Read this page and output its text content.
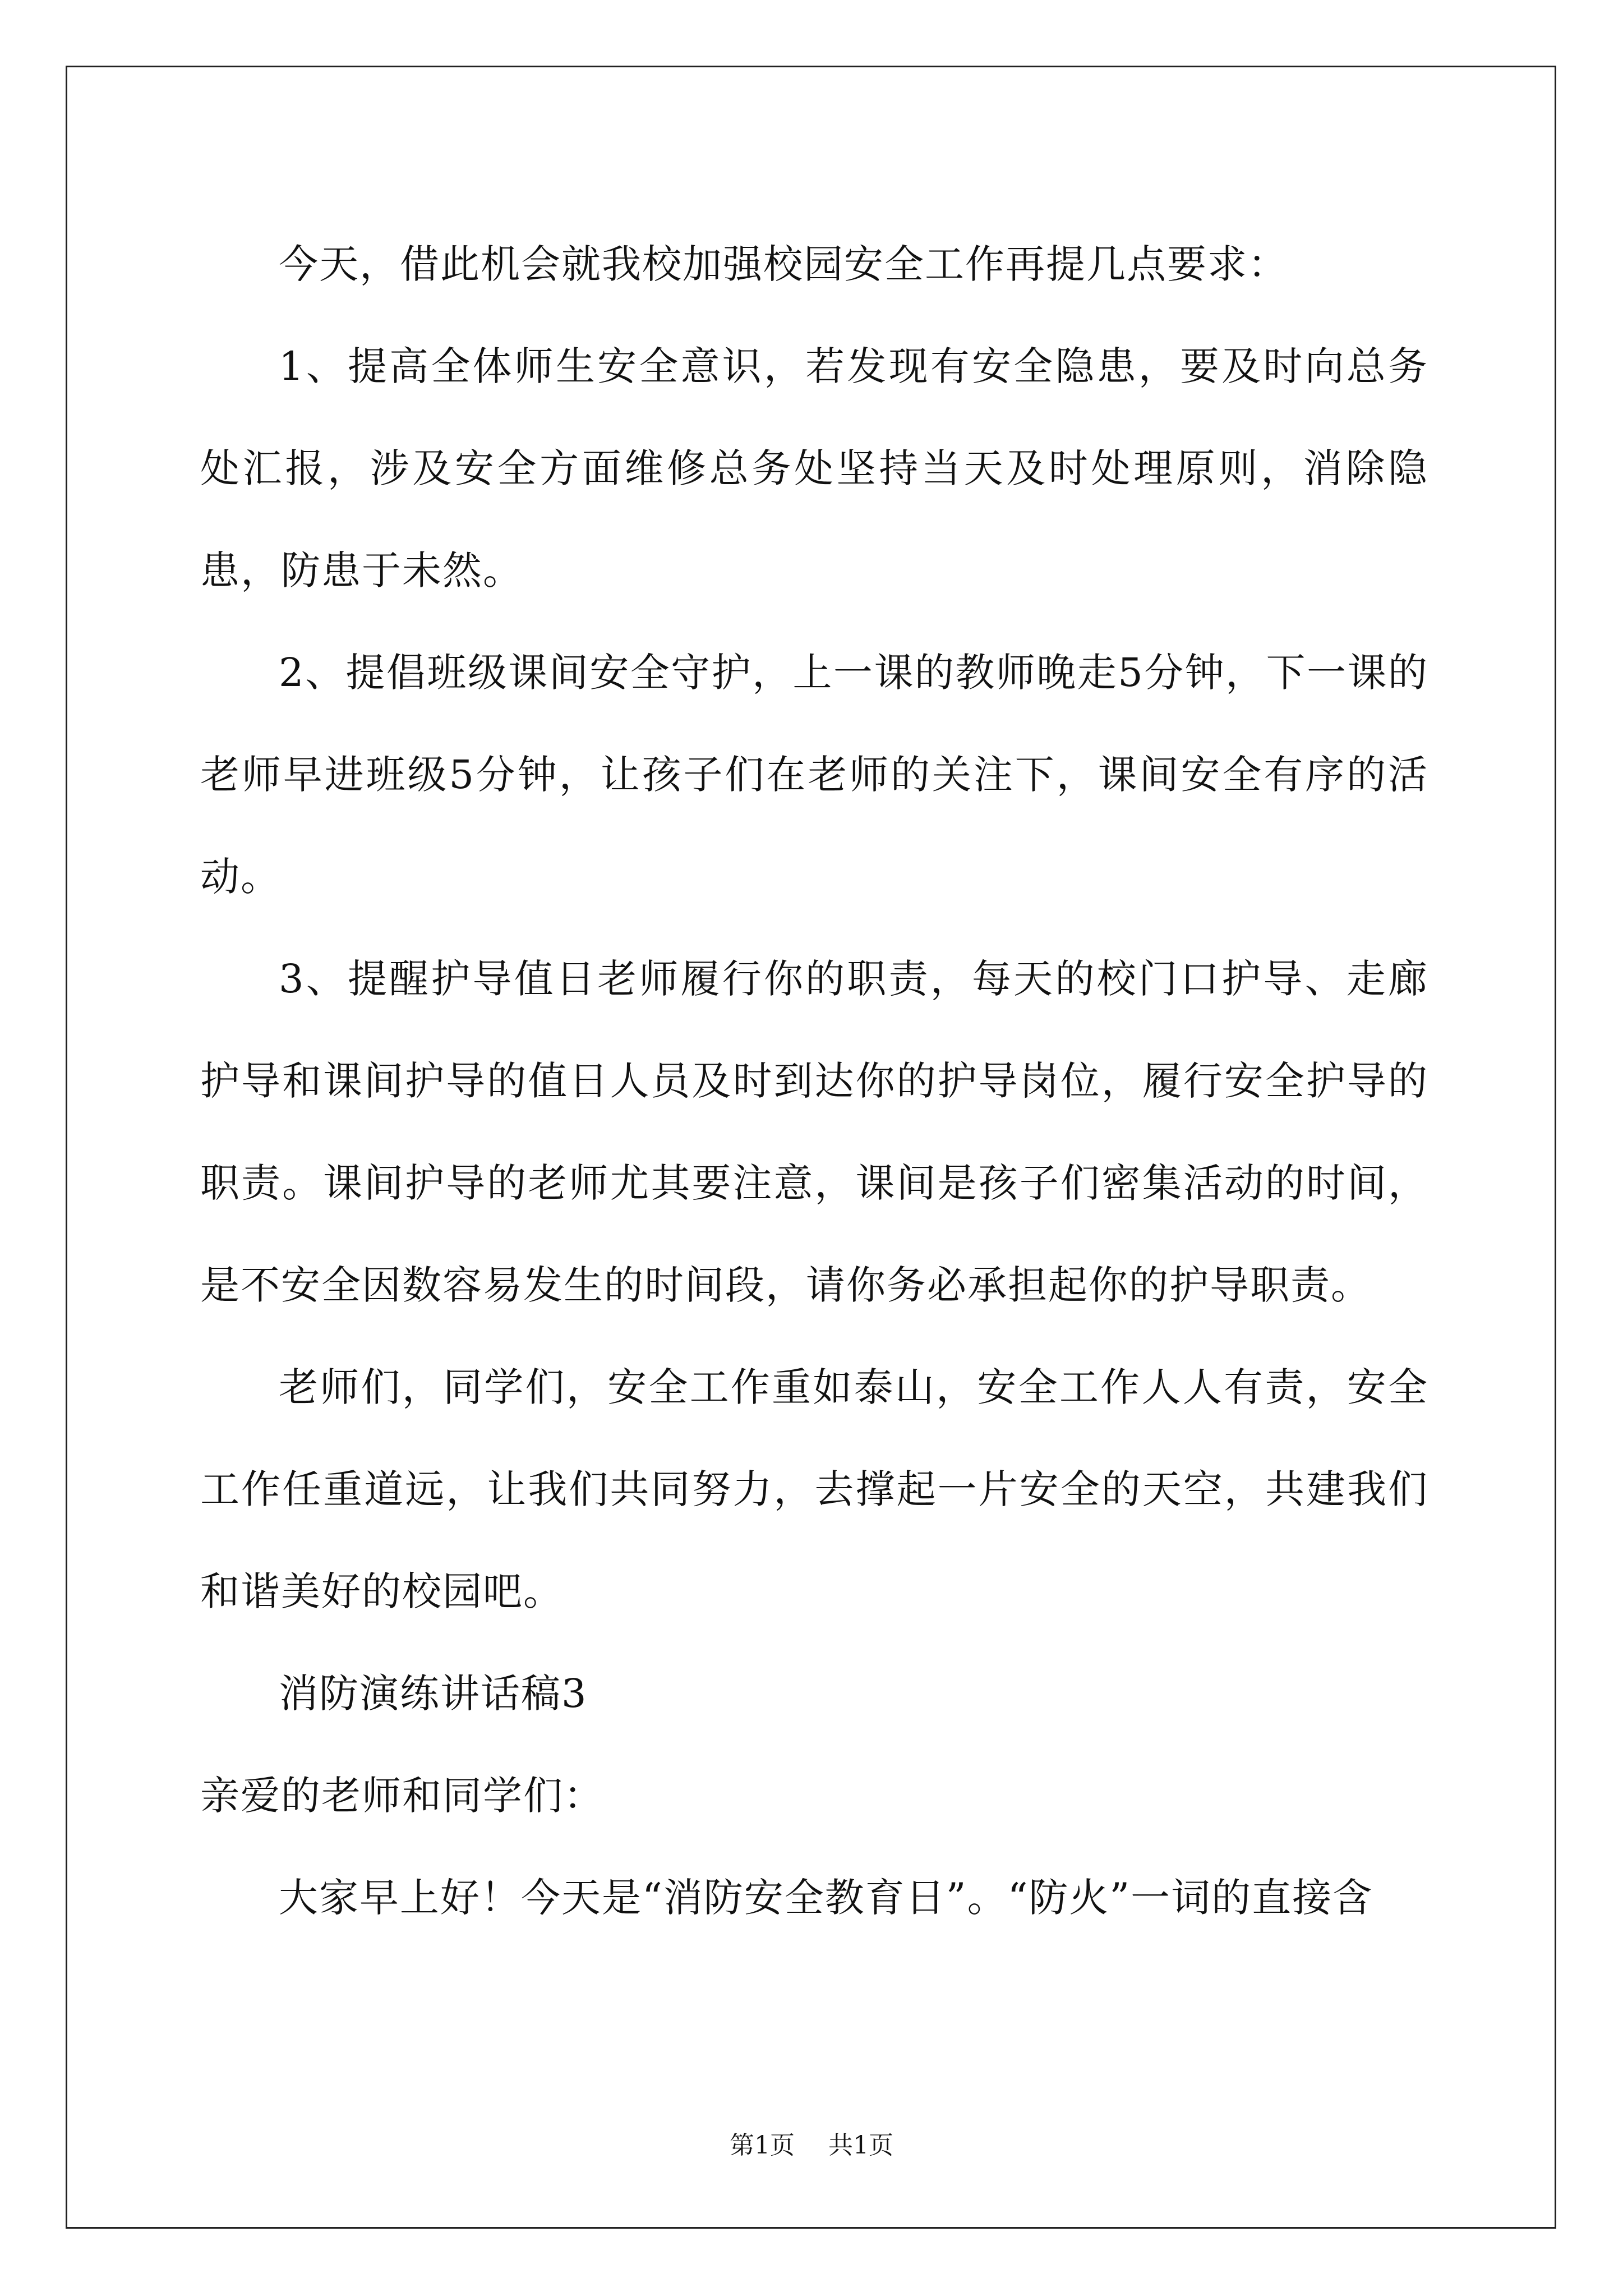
今天，借此机会就我校加强校园安全工作再提几点要求：

1、提高全体师生安全意识，若发现有安全隐患，要及时向总务处汇报，涉及安全方面维修总务处坚持当天及时处理原则，消除隐患，防患于未然。

2、提倡班级课间安全守护，上一课的教师晚走5分钟，下一课的老师早进班级5分钟，让孩子们在老师的关注下，课间安全有序的活动。

3、提醒护导值日老师履行你的职责，每天的校门口护导、走廊护导和课间护导的值日人员及时到达你的护导岗位，履行安全护导的职责。课间护导的老师尤其要注意，课间是孩子们密集活动的时间，是不安全因数容易发生的时间段，请你务必承担起你的护导职责。

老师们，同学们，安全工作重如泰山，安全工作人人有责，安全工作任重道远，让我们共同努力，去撑起一片安全的天空，共建我们和谐美好的校园吧。

消防演练讲话稿3

亲爱的老师和同学们：

大家早上好！今天是“消防安全教育日”。“防火”一词的直接含

第1页 共1页
